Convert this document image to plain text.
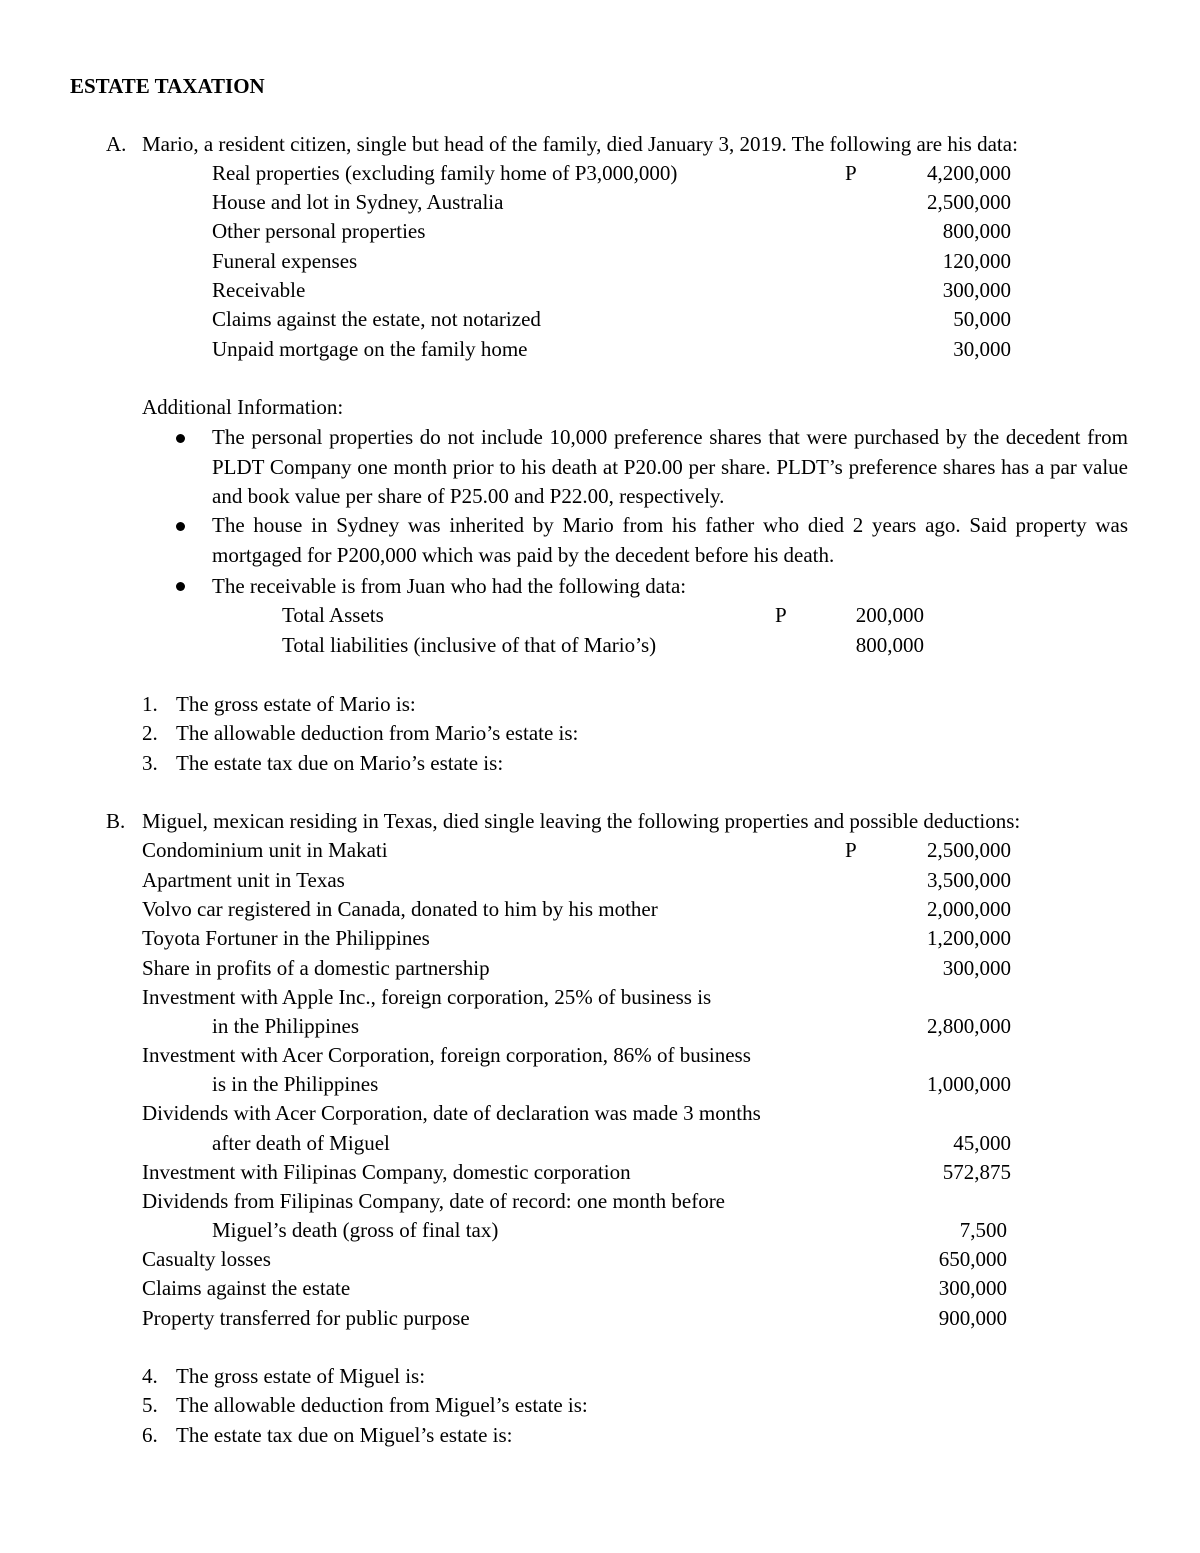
ESTATE TAXATION
A. Mario, a resident citizen, single but head of the family, died January 3, 2019. The following are his data:
Real properties (excluding family home of P3,000,000)	P	4,200,000
House and lot in Sydney, Australia	2,500,000
Other personal properties	800,000
Funeral expenses	120,000
Receivable	300,000
Claims against the estate, not notarized	50,000
Unpaid mortgage on the family home	30,000
Additional Information:
The personal properties do not include 10,000 preference shares that were purchased by the decedent from PLDT Company one month prior to his death at P20.00 per share. PLDT’s preference shares has a par value and book value per share of P25.00 and P22.00, respectively.
The house in Sydney was inherited by Mario from his father who died 2 years ago. Said property was mortgaged for P200,000 which was paid by the decedent before his death.
The receivable is from Juan who had the following data:
Total Assets	P	200,000
Total liabilities (inclusive of that of Mario’s)	800,000
1. The gross estate of Mario is:
2. The allowable deduction from Mario’s estate is:
3. The estate tax due on Mario’s estate is:
B. Miguel, mexican residing in Texas, died single leaving the following properties and possible deductions:
Condominium unit in Makati	P	2,500,000
Apartment unit in Texas	3,500,000
Volvo car registered in Canada, donated to him by his mother	2,000,000
Toyota Fortuner in the Philippines	1,200,000
Share in profits of a domestic partnership	300,000
Investment with Apple Inc., foreign corporation, 25% of business is
in the Philippines	2,800,000
Investment with Acer Corporation, foreign corporation, 86% of business
is in the Philippines	1,000,000
Dividends with Acer Corporation, date of declaration was made 3 months
after death of Miguel	45,000
Investment with Filipinas Company, domestic corporation	572,875
Dividends from Filipinas Company, date of record: one month before
Miguel’s death (gross of final tax)	7,500
Casualty losses	650,000
Claims against the estate	300,000
Property transferred for public purpose	900,000
4. The gross estate of Miguel is:
5. The allowable deduction from Miguel’s estate is:
6. The estate tax due on Miguel’s estate is:
